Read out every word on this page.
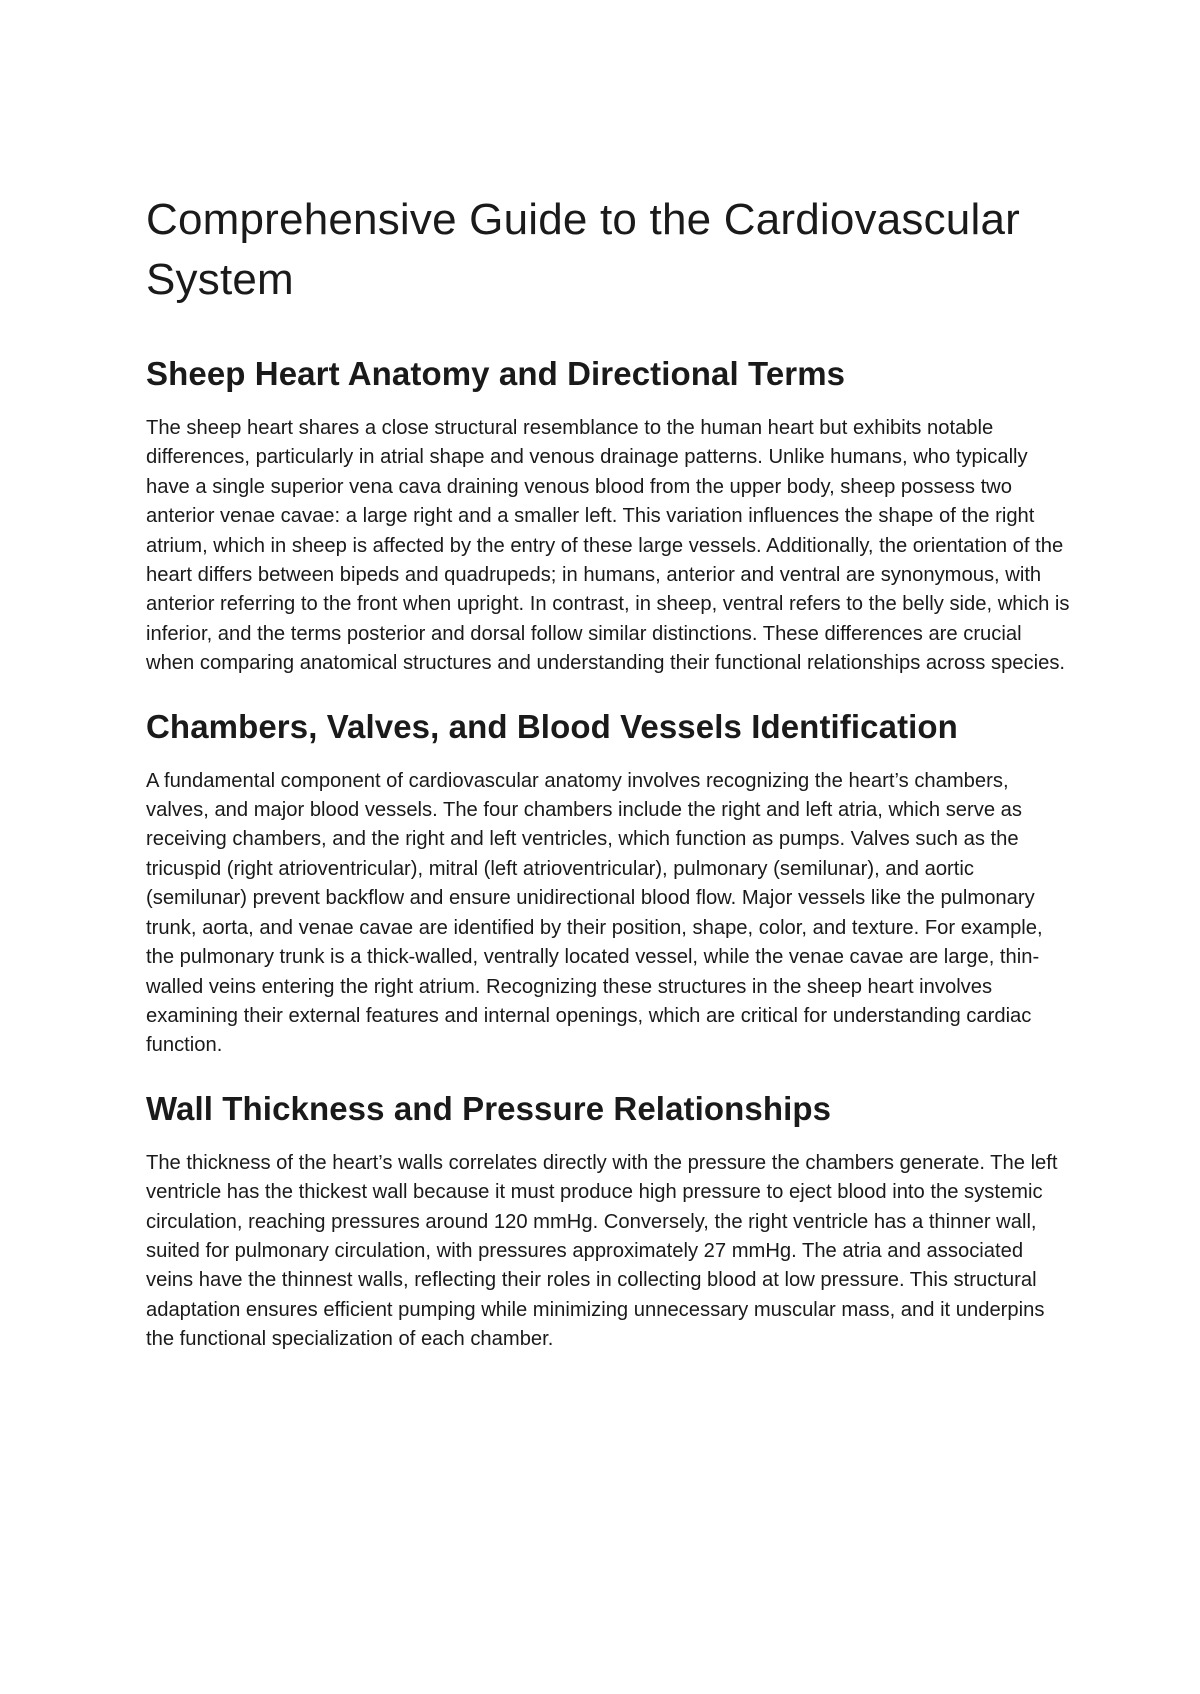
Comprehensive Guide to the Cardiovascular System
Sheep Heart Anatomy and Directional Terms

The sheep heart shares a close structural resemblance to the human heart but exhibits notable differences, particularly in atrial shape and venous drainage patterns. Unlike humans, who typically have a single superior vena cava draining venous blood from the upper body, sheep possess two anterior venae cavae: a large right and a smaller left. This variation influences the shape of the right atrium, which in sheep is affected by the entry of these large vessels. Additionally, the orientation of the heart differs between bipeds and quadrupeds; in humans, anterior and ventral are synonymous, with anterior referring to the front when upright. In contrast, in sheep, ventral refers to the belly side, which is inferior, and the terms posterior and dorsal follow similar distinctions. These differences are crucial when comparing anatomical structures and understanding their functional relationships across species.

Chambers, Valves, and Blood Vessels Identification

A fundamental component of cardiovascular anatomy involves recognizing the heart’s chambers, valves, and major blood vessels. The four chambers include the right and left atria, which serve as receiving chambers, and the right and left ventricles, which function as pumps. Valves such as the tricuspid (right atrioventricular), mitral (left atrioventricular), pulmonary (semilunar), and aortic (semilunar) prevent backflow and ensure unidirectional blood flow. Major vessels like the pulmonary trunk, aorta, and venae cavae are identified by their position, shape, color, and texture. For example, the pulmonary trunk is a thick-walled, ventrally located vessel, while the venae cavae are large, thin-walled veins entering the right atrium. Recognizing these structures in the sheep heart involves examining their external features and internal openings, which are critical for understanding cardiac function.

Wall Thickness and Pressure Relationships

The thickness of the heart’s walls correlates directly with the pressure the chambers generate. The left ventricle has the thickest wall because it must produce high pressure to eject blood into the systemic circulation, reaching pressures around 120 mmHg. Conversely, the right ventricle has a thinner wall, suited for pulmonary circulation, with pressures approximately 27 mmHg. The atria and associated veins have the thinnest walls, reflecting their roles in collecting blood at low pressure. This structural adaptation ensures efficient pumping while minimizing unnecessary muscular mass, and it underpins the functional specialization of each chamber.
